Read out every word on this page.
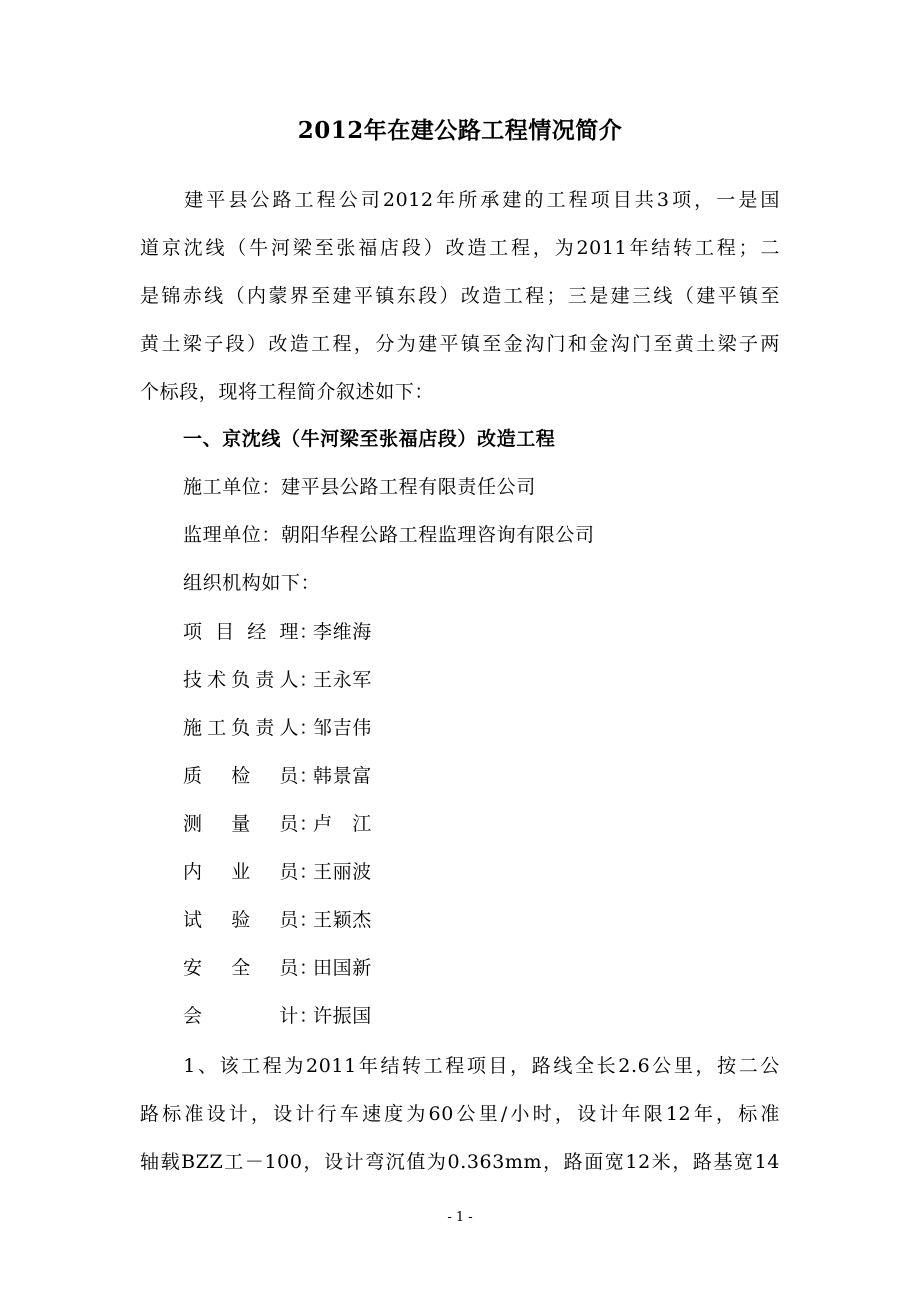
2012年在建公路工程情况简介
　　建平县公路工程公司2012年所承建的工程项目共3项，一是国
道京沈线（牛河梁至张福店段）改造工程，为2011年结转工程；二
是锦赤线（内蒙界至建平镇东段）改造工程；三是建三线（建平镇至
黄土梁子段）改造工程，分为建平镇至金沟门和金沟门至黄土梁子两
个标段，现将工程简介叙述如下：
一、京沈线（牛河梁至张福店段）改造工程
施工单位：建平县公路工程有限责任公司
监理单位：朝阳华程公路工程监理咨询有限公司
组织机构如下：
项目经理：李维海
技术负责人：王永军
施工负责人：邹吉伟
质检员：韩景富
测量员：卢　江
内业员：王丽波
试验员：王颖杰
安全员：田国新
会计：许振国
　　1、该工程为2011年结转工程项目，路线全长2.6公里，按二公
路标准设计，设计行车速度为60公里/小时，设计年限12年，标准
轴载BZZ工－100，设计弯沉值为0.363mm，路面宽12米，路基宽14
- 1 -
